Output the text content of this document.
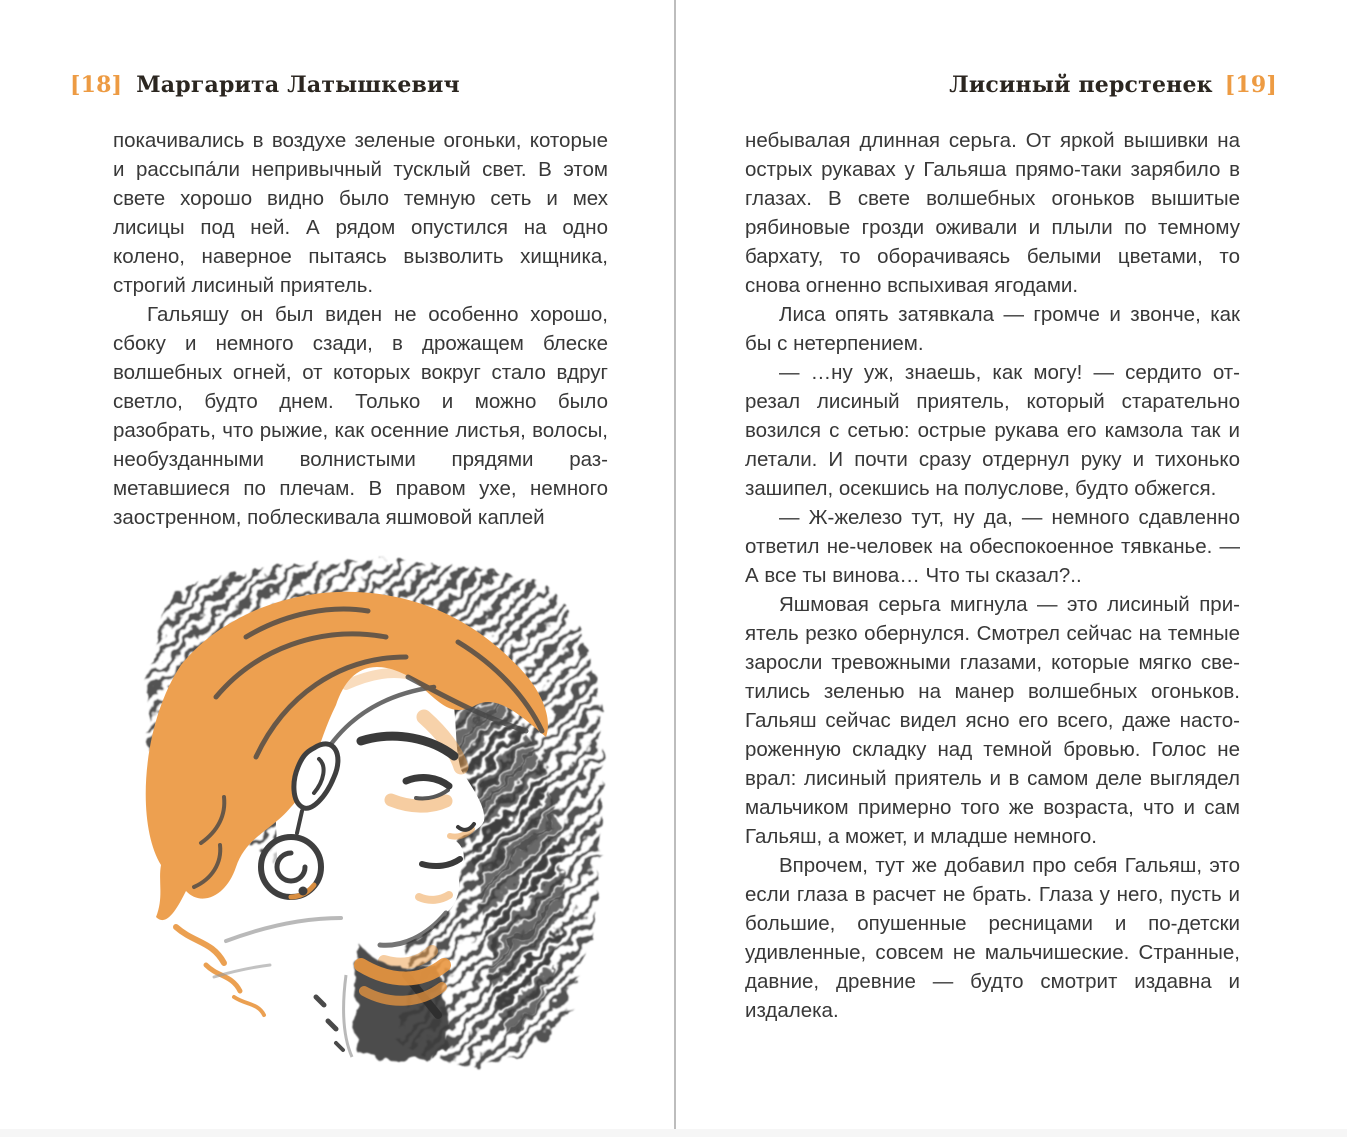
[18] Маргарита Латышкевич	Лисиный перстенек [19]

покачивались в воздухе зеленые огоньки, которые и рассыпа́ли непривычный тусклый свет. В этом свете хорошо видно было темную сеть и мех лисицы под ней. А рядом опустился на одно колено, наверное пытаясь вызволить хищника, строгий лисиный приятель.

Гальяшу он был виден не особенно хорошо, сбоку и немного сзади, в дрожащем блеске волшебных огней, от которых вокруг стало вдруг светло, будто днем. Только и можно было разобрать, что рыжие, как осенние листья, волосы, необузданными волнистыми прядями разметавшиеся по плечам. В правом ухе, немного заостренном, поблескивала яшмовой каплей

небывалая длинная серьга. От яркой вышивки на острых рукавах у Гальяша прямо-таки зарябило в глазах. В свете волшебных огоньков вышитые рябиновые грозди оживали и плыли по темному бархату, то оборачиваясь белыми цветами, то снова огненно вспыхивая ягодами.

Лиса опять затявкала — громче и звонче, как бы с нетерпением.

— …ну уж, знаешь, как могу! — сердито отрезал лисиный приятель, который старательно возился с сетью: острые рукава его камзола так и летали. И почти сразу отдернул руку и тихонько зашипел, осекшись на полуслове, будто обжегся.

— Ж-железо тут, ну да, — немного сдавленно ответил не-человек на обеспокоенное тявканье. — А все ты винова… Что ты сказал?..

Яшмовая серьга мигнула — это лисиный приятель резко обернулся. Смотрел сейчас на темные заросли тревожными глазами, которые мягко светились зеленью на манер волшебных огоньков. Гальяш сейчас видел ясно его всего, даже настороженную складку над темной бровью. Голос не врал: лисиный приятель и в самом деле выглядел мальчиком примерно того же возраста, что и сам Гальяш, а может, и младше немного.

Впрочем, тут же добавил про себя Гальяш, это если глаза в расчет не брать. Глаза у него, пусть и большие, опушенные ресницами и по-детски удивленные, совсем не мальчишеские. Странные, давние, древние — будто смотрит издавна и издалека.
